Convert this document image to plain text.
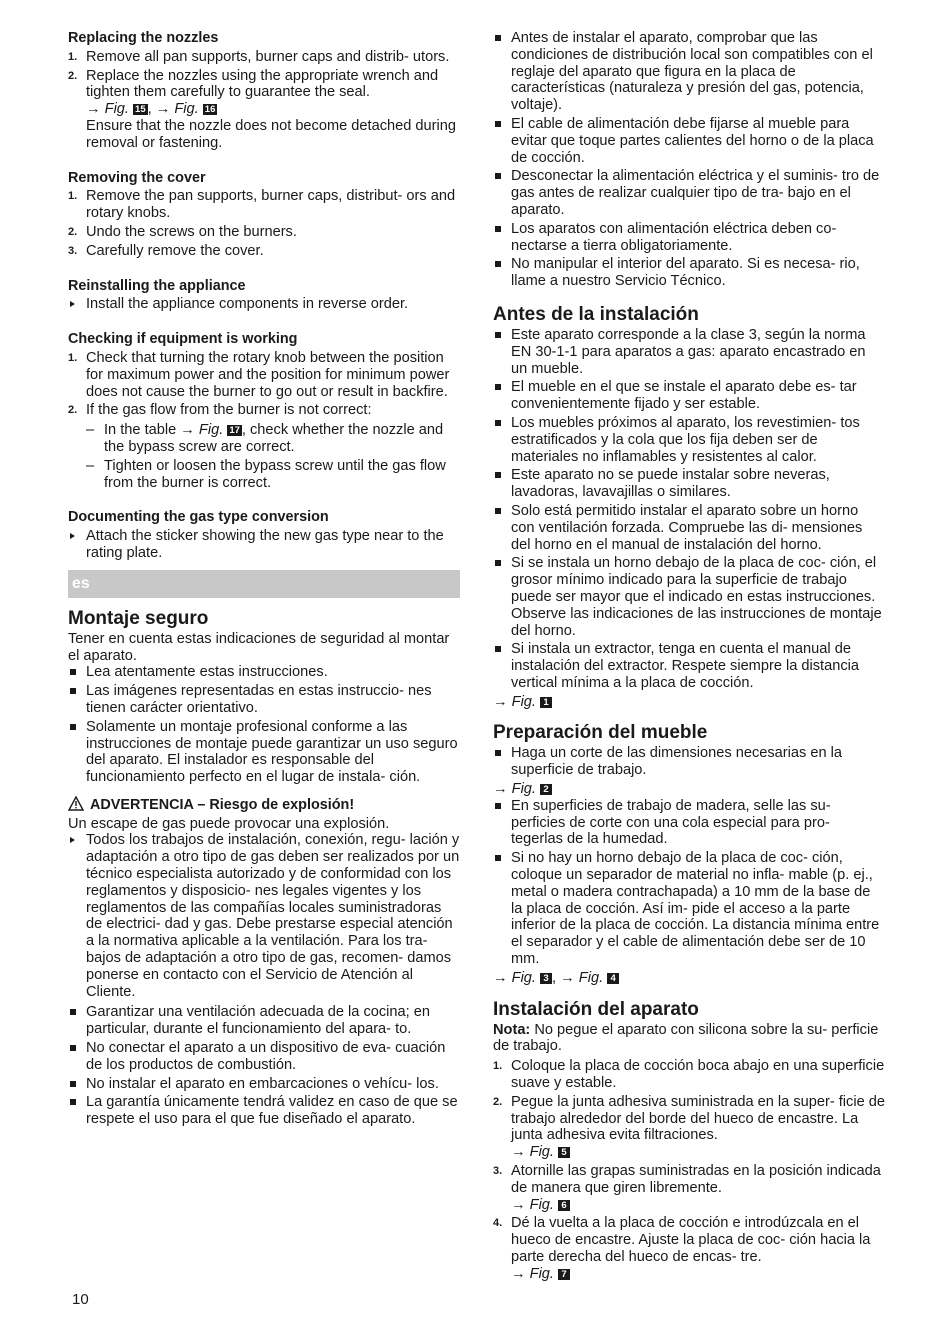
Replacing the nozzles
1. Remove all pan supports, burner caps and distrib- utors.
2. Replace the nozzles using the appropriate wrench and tighten them carefully to guarantee the seal.
→ Fig. 15 , → Fig. 16
Ensure that the nozzle does not become detached during removal or fastening.
Removing the cover
1. Remove the pan supports, burner caps, distribut- ors and rotary knobs.
2. Undo the screws on the burners.
3. Carefully remove the cover.
Reinstalling the appliance
Install the appliance components in reverse order.
Checking if equipment is working
1. Check that turning the rotary knob between the position for maximum power and the position for minimum power does not cause the burner to go out or result in backfire.
2. If the gas flow from the burner is not correct:
– In the table → Fig. 17 , check whether the nozzle and the bypass screw are correct.
– Tighten or loosen the bypass screw until the gas flow from the burner is correct.
Documenting the gas type conversion
Attach the sticker showing the new gas type near to the rating plate.
es
Montaje seguro

Tener en cuenta estas indicaciones de seguridad al montar el aparato.

Lea atentamente estas instrucciones.
Las imágenes representadas en estas instruccio- nes tienen carácter orientativo.
Solamente un montaje profesional conforme a las instrucciones de montaje puede garantizar un uso seguro del aparato. El instalador es responsable del funcionamiento perfecto en el lugar de instala- ción.
ADVERTENCIA – Riesgo de explosión!

Un escape de gas puede provocar una explosión.

Todos los trabajos de instalación, conexión, regu- lación y adaptación a otro tipo de gas deben ser realizados por un técnico especialista autorizado y de conformidad con los reglamentos y disposicio- nes legales vigentes y los reglamentos de las compañías locales suministradoras de electrici- dad y gas. Debe prestarse especial atención a la normativa aplicable a la ventilación. Para los tra- bajos de adaptación a otro tipo de gas, recomen- damos ponerse en contacto con el Servicio de Atención al Cliente.
Garantizar una ventilación adecuada de la cocina; en particular, durante el funcionamiento del apara- to.
No conectar el aparato a un dispositivo de eva- cuación de los productos de combustión.
No instalar el aparato en embarcaciones o vehícu- los.
La garantía únicamente tendrá validez en caso de que se respete el uso para el que fue diseñado el aparato.
Antes de instalar el aparato, comprobar que las condiciones de distribución local son compatibles con el reglaje del aparato que figura en la placa de características (naturaleza y presión del gas, potencia, voltaje).
El cable de alimentación debe fijarse al mueble para evitar que toque partes calientes del horno o de la placa de cocción.
Desconectar la alimentación eléctrica y el suminis- tro de gas antes de realizar cualquier tipo de tra- bajo en el aparato.
Los aparatos con alimentación eléctrica deben co- nectarse a tierra obligatoriamente.
No manipular el interior del aparato. Si es necesa- rio, llame a nuestro Servicio Técnico.
Antes de la instalación
Este aparato corresponde a la clase 3, según la norma EN 30-1-1 para aparatos a gas: aparato encastrado en un mueble.
El mueble en el que se instale el aparato debe es- tar convenientemente fijado y ser estable.
Los muebles próximos al aparato, los revestimien- tos estratificados y la cola que los fija deben ser de materiales no inflamables y resistentes al calor.
Este aparato no se puede instalar sobre neveras, lavadoras, lavavajillas o similares.
Solo está permitido instalar el aparato sobre un horno con ventilación forzada. Compruebe las di- mensiones del horno en el manual de instalación del horno.
Si se instala un horno debajo de la placa de coc- ción, el grosor mínimo indicado para la superficie de trabajo puede ser mayor que el indicado en estas instrucciones. Observe las indicaciones de las instrucciones de montaje del horno.
Si instala un extractor, tenga en cuenta el manual de instalación del extractor. Respete siempre la distancia vertical mínima a la placa de cocción.

→ Fig. 1

Preparación del mueble
Haga un corte de las dimensiones necesarias en la superficie de trabajo.

→ Fig. 2

En superficies de trabajo de madera, selle las su- perficies de corte con una cola especial para pro- tegerlas de la humedad.
Si no hay un horno debajo de la placa de coc- ción, coloque un separador de material no infla- mable (p. ej., metal o madera contrachapada) a 10 mm de la base de la placa de cocción. Así im- pide el acceso a la parte inferior de la placa de cocción. La distancia mínima entre el separador y el cable de alimentación debe ser de 10 mm.

→ Fig. 3 , → Fig. 4

Instalación del aparato

Nota: No pegue el aparato con silicona sobre la su- perficie de trabajo.

1. Coloque la placa de cocción boca abajo en una superficie suave y estable.
2. Pegue la junta adhesiva suministrada en la super- ficie de trabajo alrededor del borde del hueco de encastre. La junta adhesiva evita filtraciones.
→ Fig. 5
3. Atornille las grapas suministradas en la posición indicada de manera que giren libremente.
→ Fig. 6
4. Dé la vuelta a la placa de cocción e introdúzcala en el hueco de encastre. Ajuste la placa de coc- ción hacia la parte derecha del hueco de encas- tre.
→ Fig. 7
10
